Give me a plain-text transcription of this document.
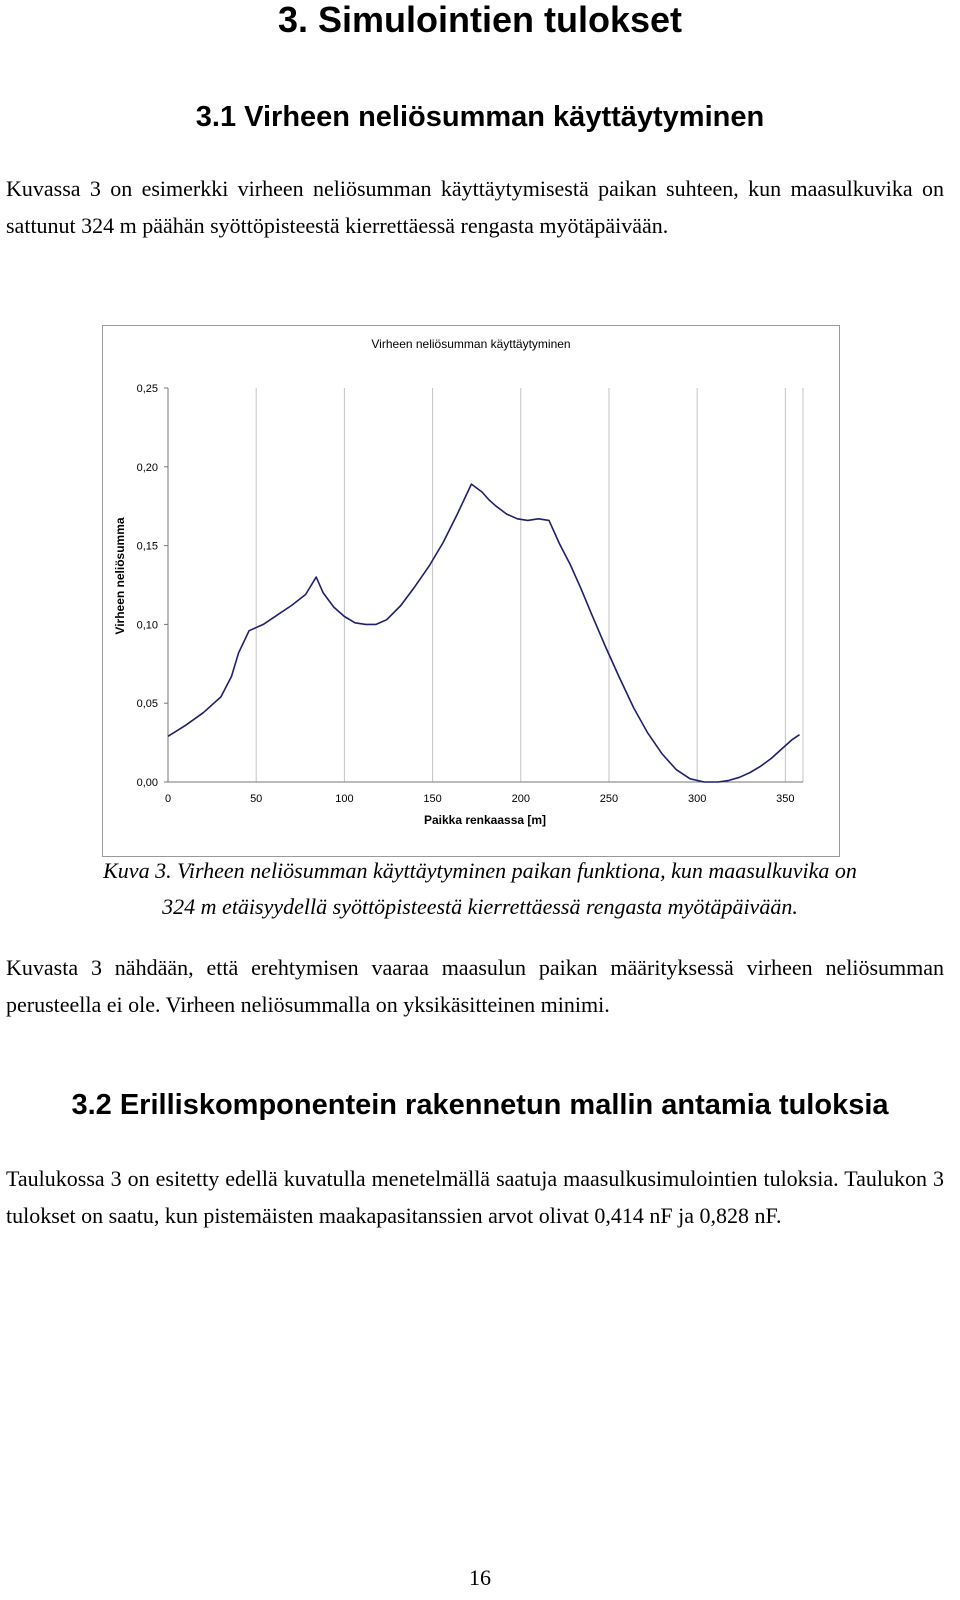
3. Simulointien tulokset
3.1 Virheen neliösumman käyttäytyminen

Kuvassa 3 on esimerkki virheen neliösumman käyttäytymisestä paikan suhteen, kun maasulkuvika on sattunut 324 m päähän syöttöpisteestä kierrettäessä rengasta myötäpäivään.

Virheen neliösumman käyttäytyminen
Virheen neliösumma
Paikka renkaassa [m]
0,00
0,05
0,10
0,15
0,20
0,25
0	50	100	150	200	250	300	350

Kuva 3. Virheen neliösumman käyttäytyminen paikan funktiona, kun maasulkuvika on

324 m etäisyydellä syöttöpisteestä kierrettäessä rengasta myötäpäivään.

Kuvasta 3 nähdään, että erehtymisen vaaraa maasulun paikan määrityksessä virheen neliösumman perusteella ei ole. Virheen neliösummalla on yksikäsitteinen minimi.

3.2 Erilliskomponentein rakennetun mallin antamia tuloksia

Taulukossa 3 on esitetty edellä kuvatulla menetelmällä saatuja maasulkusimulointien tuloksia. Taulukon 3 tulokset on saatu, kun pistemäisten maakapasitanssien arvot olivat 0,414 nF ja 0,828 nF.

16
